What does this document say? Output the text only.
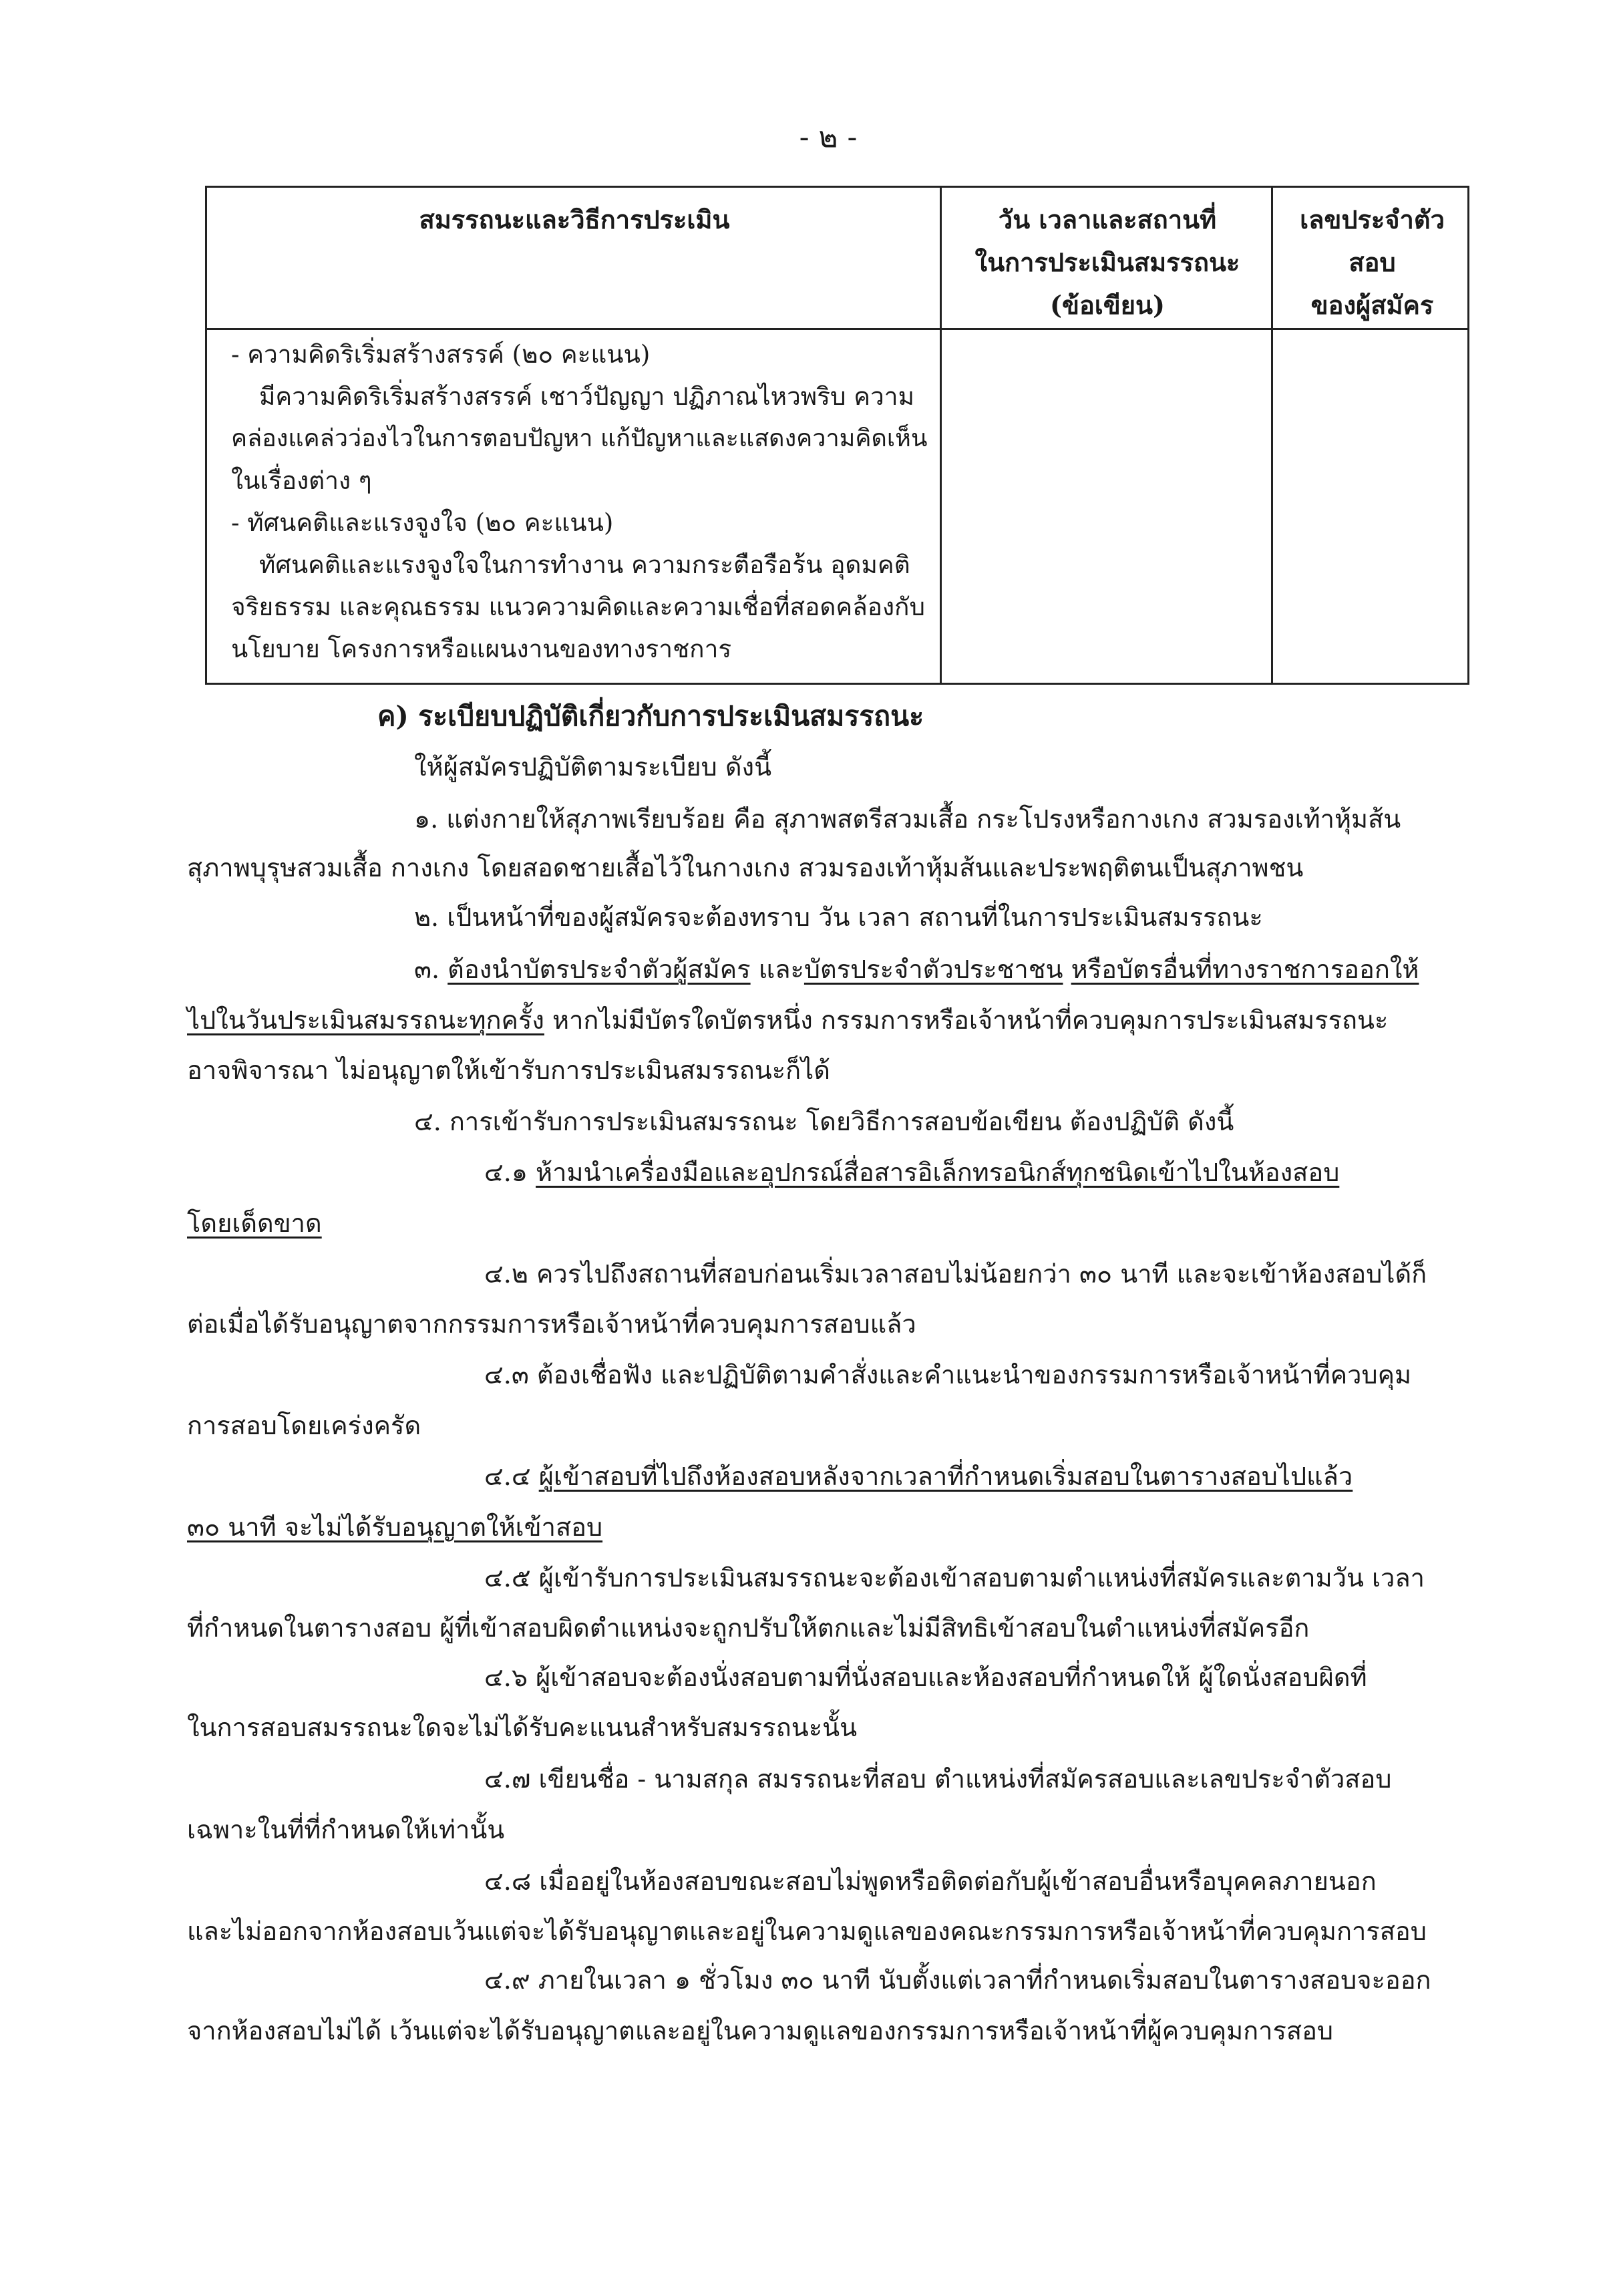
- ๒ -
สมรรถนะและวิธีการประเมิน	วัน เวลาและสถานที่
ในการประเมินสมรรถนะ
(ข้อเขียน)
เลขประจำตัว
สอบ
ของผู้สมัคร
- ความคิดริเริ่มสร้างสรรค์ (๒๐ คะแนน)
มีความคิดริเริ่มสร้างสรรค์ เชาว์ปัญญา ปฏิภาณไหวพริบ ความ
คล่องแคล่วว่องไวในการตอบปัญหา แก้ปัญหาและแสดงความคิดเห็น
ในเรื่องต่าง ๆ
- ทัศนคติและแรงจูงใจ (๒๐ คะแนน)
ทัศนคติและแรงจูงใจในการทำงาน ความกระตือรือร้น อุดมคติ
จริยธรรม และคุณธรรม แนวความคิดและความเชื่อที่สอดคล้องกับ
นโยบาย โครงการหรือแผนงานของทางราชการ
ค) ระเบียบปฏิบัติเกี่ยวกับการประเมินสมรรถนะ
ให้ผู้สมัครปฏิบัติตามระเบียบ ดังนี้
๑. แต่งกายให้สุภาพเรียบร้อย คือ สุภาพสตรีสวมเสื้อ กระโปรงหรือกางเกง สวมรองเท้าหุ้มส้น
สุภาพบุรุษสวมเสื้อ กางเกง โดยสอดชายเสื้อไว้ในกางเกง สวมรองเท้าหุ้มส้นและประพฤติตนเป็นสุภาพชน
๒. เป็นหน้าที่ของผู้สมัครจะต้องทราบ วัน เวลา สถานที่ในการประเมินสมรรถนะ
๓. ต้องนำบัตรประจำตัวผู้สมัคร และบัตรประจำตัวประชาชน หรือบัตรอื่นที่ทางราชการออกให้
ไปในวันประเมินสมรรถนะทุกครั้ง หากไม่มีบัตรใดบัตรหนึ่ง กรรมการหรือเจ้าหน้าที่ควบคุมการประเมินสมรรถนะ
อาจพิจารณา ไม่อนุญาตให้เข้ารับการประเมินสมรรถนะก็ได้
๔. การเข้ารับการประเมินสมรรถนะ โดยวิธีการสอบข้อเขียน ต้องปฏิบัติ ดังนี้
๔.๑ ห้ามนำเครื่องมือและอุปกรณ์สื่อสารอิเล็กทรอนิกส์ทุกชนิดเข้าไปในห้องสอบ
โดยเด็ดขาด
๔.๒ ควรไปถึงสถานที่สอบก่อนเริ่มเวลาสอบไม่น้อยกว่า ๓๐ นาที และจะเข้าห้องสอบได้ก็
ต่อเมื่อได้รับอนุญาตจากกรรมการหรือเจ้าหน้าที่ควบคุมการสอบแล้ว
๔.๓ ต้องเชื่อฟัง และปฏิบัติตามคำสั่งและคำแนะนำของกรรมการหรือเจ้าหน้าที่ควบคุม
การสอบโดยเคร่งครัด
๔.๔ ผู้เข้าสอบที่ไปถึงห้องสอบหลังจากเวลาที่กำหนดเริ่มสอบในตารางสอบไปแล้ว
๓๐ นาที จะไม่ได้รับอนุญาตให้เข้าสอบ
๔.๕ ผู้เข้ารับการประเมินสมรรถนะจะต้องเข้าสอบตามตำแหน่งที่สมัครและตามวัน เวลา
ที่กำหนดในตารางสอบ ผู้ที่เข้าสอบผิดตำแหน่งจะถูกปรับให้ตกและไม่มีสิทธิเข้าสอบในตำแหน่งที่สมัครอีก
๔.๖ ผู้เข้าสอบจะต้องนั่งสอบตามที่นั่งสอบและห้องสอบที่กำหนดให้ ผู้ใดนั่งสอบผิดที่
ในการสอบสมรรถนะใดจะไม่ได้รับคะแนนสำหรับสมรรถนะนั้น
๔.๗ เขียนชื่อ - นามสกุล สมรรถนะที่สอบ ตำแหน่งที่สมัครสอบและเลขประจำตัวสอบ
เฉพาะในที่ที่กำหนดให้เท่านั้น
๔.๘ เมื่ออยู่ในห้องสอบขณะสอบไม่พูดหรือติดต่อกับผู้เข้าสอบอื่นหรือบุคคลภายนอก
และไม่ออกจากห้องสอบเว้นแต่จะได้รับอนุญาตและอยู่ในความดูแลของคณะกรรมการหรือเจ้าหน้าที่ควบคุมการสอบ
๔.๙ ภายในเวลา ๑ ชั่วโมง ๓๐ นาที นับตั้งแต่เวลาที่กำหนดเริ่มสอบในตารางสอบจะออก
จากห้องสอบไม่ได้ เว้นแต่จะได้รับอนุญาตและอยู่ในความดูแลของกรรมการหรือเจ้าหน้าที่ผู้ควบคุมการสอบ
